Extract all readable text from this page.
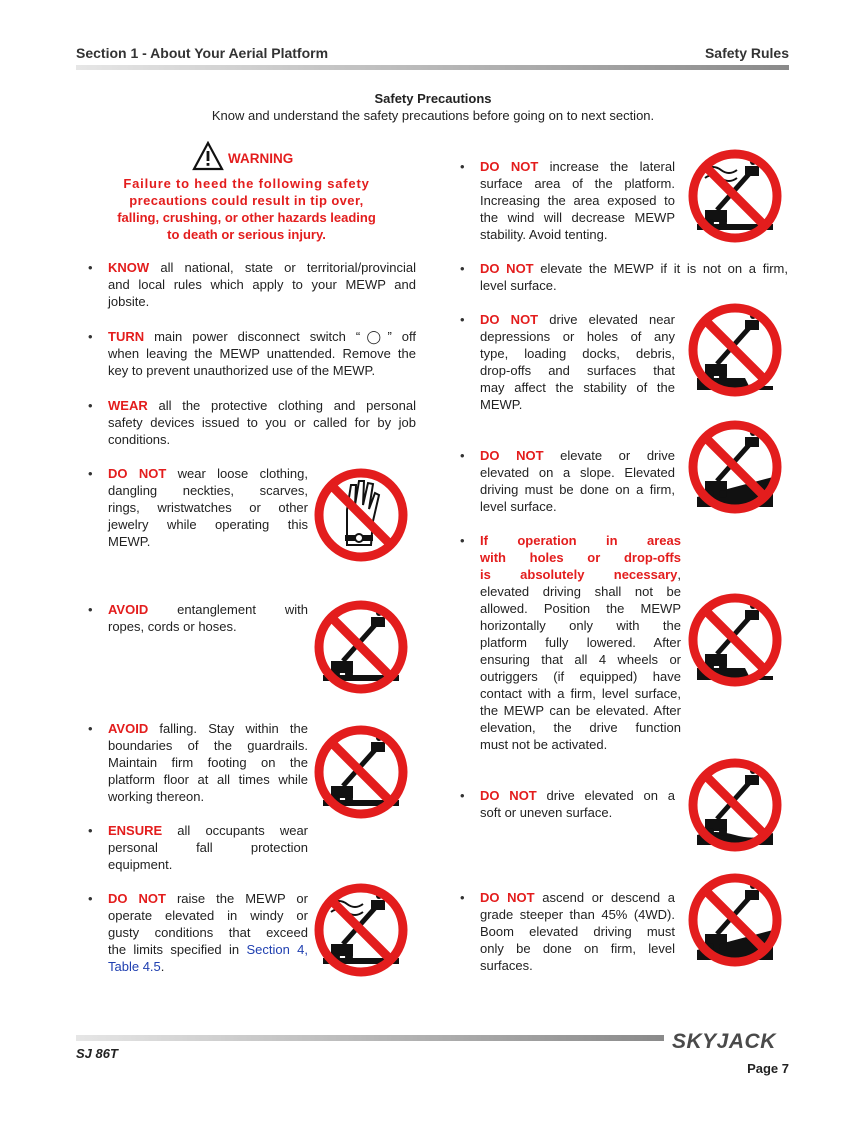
Section 1 - About Your Aerial Platform	Safety Rules
Safety Precautions
Know and understand the safety precautions before going on to next section.
WARNING
Failure to heed the following safety
precautions could result in tip over,
falling, crushing, or other hazards leading
to death or serious injury.
• KNOW all national, state or territorial/provincial
and local rules which apply to your MEWP and
jobsite.
• TURN main power disconnect switch “◯” off
when leaving the MEWP unattended. Remove the
key to prevent unauthorized use of the MEWP.
• WEAR all the protective clothing and personal
safety devices issued to you or called for by job
conditions.
• DO NOT wear loose clothing,
dangling neckties, scarves,
rings, wristwatches or other
jewelry while operating this
MEWP.
• AVOID entanglement with
ropes, cords or hoses.
• AVOID falling. Stay within the
boundaries of the guardrails.
Maintain firm footing on the
platform floor at all times while
working thereon.
• ENSURE all occupants wear
personal fall protection
equipment.
• DO NOT raise the MEWP or
operate elevated in windy or
gusty conditions that exceed
the limits specified in Section 4,
Table 4.5.
• DO NOT increase the lateral
surface area of the platform.
Increasing the area exposed to
the wind will decrease MEWP
stability. Avoid tenting.
• DO NOT elevate the MEWP if it is not on a firm,
level surface.
• DO NOT drive elevated near
depressions or holes of any
type, loading docks, debris,
drop-offs and surfaces that
may affect the stability of the
MEWP.
• DO NOT elevate or drive
elevated on a slope. Elevated
driving must be done on a firm,
level surface.
• If operation in areas
with holes or drop-offs
is absolutely necessary,
elevated driving shall not be
allowed. Position the MEWP
horizontally only with the
platform fully lowered. After
ensuring that all 4 wheels or
outriggers (if equipped) have
contact with a firm, level surface,
the MEWP can be elevated. After
elevation, the drive function
must not be activated.
• DO NOT drive elevated on a
soft or uneven surface.
• DO NOT ascend or descend a
grade steeper than 45% (4WD).
Boom elevated driving must
only be done on firm, level
surfaces.
SJ 86T
SKYJACK
Page 7
